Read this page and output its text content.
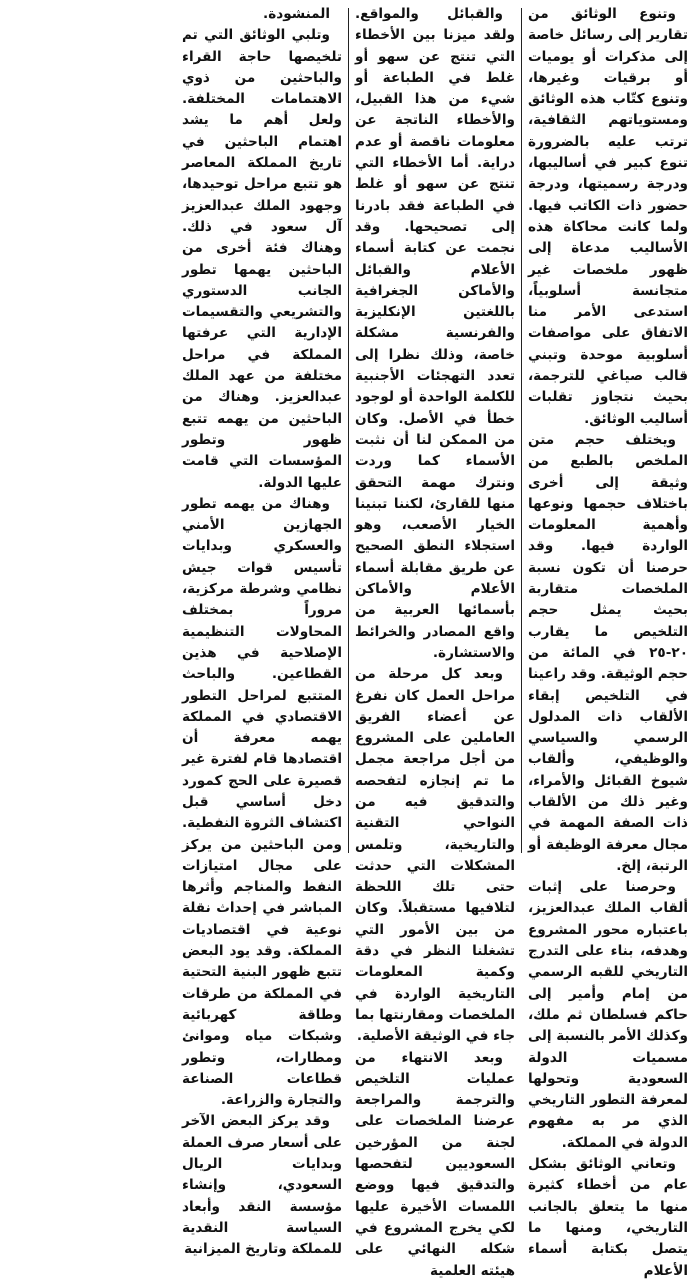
وتنوع الوثائق من تقارير إلى رسائل خاصة إلى مذكرات أو يوميات أو برقيات وغيرها، وتنوع كتّاب هذه الوثائق ومستوياتهم الثقافية، ترتب عليه بالضرورة تنوع كبير في أساليبها، ودرجة رسميتها، ودرجة حضور ذات الكاتب فيها. ولما كانت محاكاة هذه الأساليب مدعاة إلى ظهور ملخصات غير متجانسة أسلوبياً، استدعى الأمر منا الاتفاق على مواصفات أسلوبية موحدة وتبني قالب صياغي للترجمة، بحيث نتجاوز تقلبات أساليب الوثائق.

ويختلف حجم متن الملخص بالطبع من وثيقة إلى أخرى باختلاف حجمها ونوعها وأهمية المعلومات الواردة فيها. وقد حرصنا أن تكون نسبة الملخصات متقاربة بحيث يمثل حجم التلخيص ما يقارب ٢٠-٢٥ في المائة من حجم الوثيقة. وقد راعينا في التلخيص إبقاء الألقاب ذات المدلول الرسمي والسياسي والوظيفي، وألقاب شيوخ القبائل والأمراء، وغير ذلك من الألقاب ذات الصفة المهمة في مجال معرفة الوظيفة أو الرتبة، إلخ.

وحرصنا على إثبات ألقاب الملك عبدالعزيز، باعتباره محور المشروع وهدفه، بناء على التدرج التاريخي للقبه الرسمي من إمام وأمير إلى حاكم فسلطان ثم ملك، وكذلك الأمر بالنسبة إلى مسميات الدولة السعودية وتحولها لمعرفة التطور التاريخي الذي مر به مفهوم الدولة في المملكة.

وتعاني الوثائق بشكل عام من أخطاء كثيرة منها ما يتعلق بالجانب التاريخي، ومنها ما يتصل بكتابة أسماء الأعلام

والقبائل والمواقع. ولقد ميزنا بين الأخطاء التي تنتج عن سهو أو غلط في الطباعة أو شيء من هذا القبيل، والأخطاء الناتجة عن معلومات ناقصة أو عدم دراية. أما الأخطاء التي تنتج عن سهو أو غلط في الطباعة فقد بادرنا إلى تصحيحها. وقد نجمت عن كتابة أسماء الأعلام والقبائل والأماكن الجغرافية باللغتين الإنكليزية والفرنسية مشكلة خاصة، وذلك نظرا إلى تعدد التهجئات الأجنبية للكلمة الواحدة أو لوجود خطأ في الأصل. وكان من الممكن لنا أن نثبت الأسماء كما وردت ونترك مهمة التحقق منها للقارئ، لكننا تبنينا الخيار الأصعب، وهو استجلاء النطق الصحيح عن طريق مقابلة أسماء الأعلام والأماكن بأسمائها العربية من واقع المصادر والخرائط والاستشارة.

وبعد كل مرحلة من مراحل العمل كان نفرغ عن أعضاء الفريق العاملين على المشروع من أجل مراجعة مجمل ما تم إنجازه لتفحصه والتدقيق فيه من النواحي التقنية والتاريخية، وتلمس المشكلات التي حدثت حتى تلك اللحظة لتلافيها مستقبلاً. وكان من بين الأمور التي تشغلنا النظر في دقة وكمية المعلومات التاريخية الواردة في الملخصات ومقارنتها بما جاء في الوثيقة الأصلية.

وبعد الانتهاء من عمليات التلخيص والترجمة والمراجعة عرضنا الملخصات على لجنة من المؤرخين السعوديين لتفحصها والتدقيق فيها ووضع اللمسات الأخيرة عليها لكي يخرج المشروع في شكله النهائي على هيئته العلمية

المنشودة.

وتلبي الوثائق التي تم تلخيصها حاجة القراء والباحثين من ذوي الاهتمامات المختلفة. ولعل أهم ما يشد اهتمام الباحثين في تاريخ المملكة المعاصر هو تتبع مراحل توحيدها، وجهود الملك عبدالعزيز آل سعود في ذلك. وهناك فئة أخرى من الباحثين يهمها تطور الجانب الدستوري والتشريعي والتقسيمات الإدارية التي عرفتها المملكة في مراحل مختلفة من عهد الملك عبدالعزيز. وهناك من الباحثين من يهمه تتبع ظهور وتطور المؤسسات التي قامت عليها الدولة.

وهناك من يهمه تطور الجهازين الأمني والعسكري وبدايات تأسيس قوات جيش نظامي وشرطة مركزية، مروراً بمختلف المحاولات التنظيمية الإصلاحية في هذين القطاعين. والباحث المتتبع لمراحل التطور الاقتصادي في المملكة يهمه معرفة أن اقتصادها قام لفترة غير قصيرة على الحج كمورد دخل أساسي قبل اكتشاف الثروة النفطية. ومن الباحثين من يركز على مجال امتيازات النفط والمناجم وأثرها المباشر في إحداث نقلة نوعية في اقتصاديات المملكة. وقد يود البعض تتبع ظهور البنية التحتية في المملكة من طرقات وطاقة كهربائية وشبكات مياه وموانئ ومطارات، وتطور قطاعات الصناعة والتجارة والزراعة.

وقد يركز البعض الآخر على أسعار صرف العملة وبدايات الريال السعودي، وإنشاء مؤسسة النقد وأبعاد السياسة النقدية للمملكة وتاريخ الميزانية
